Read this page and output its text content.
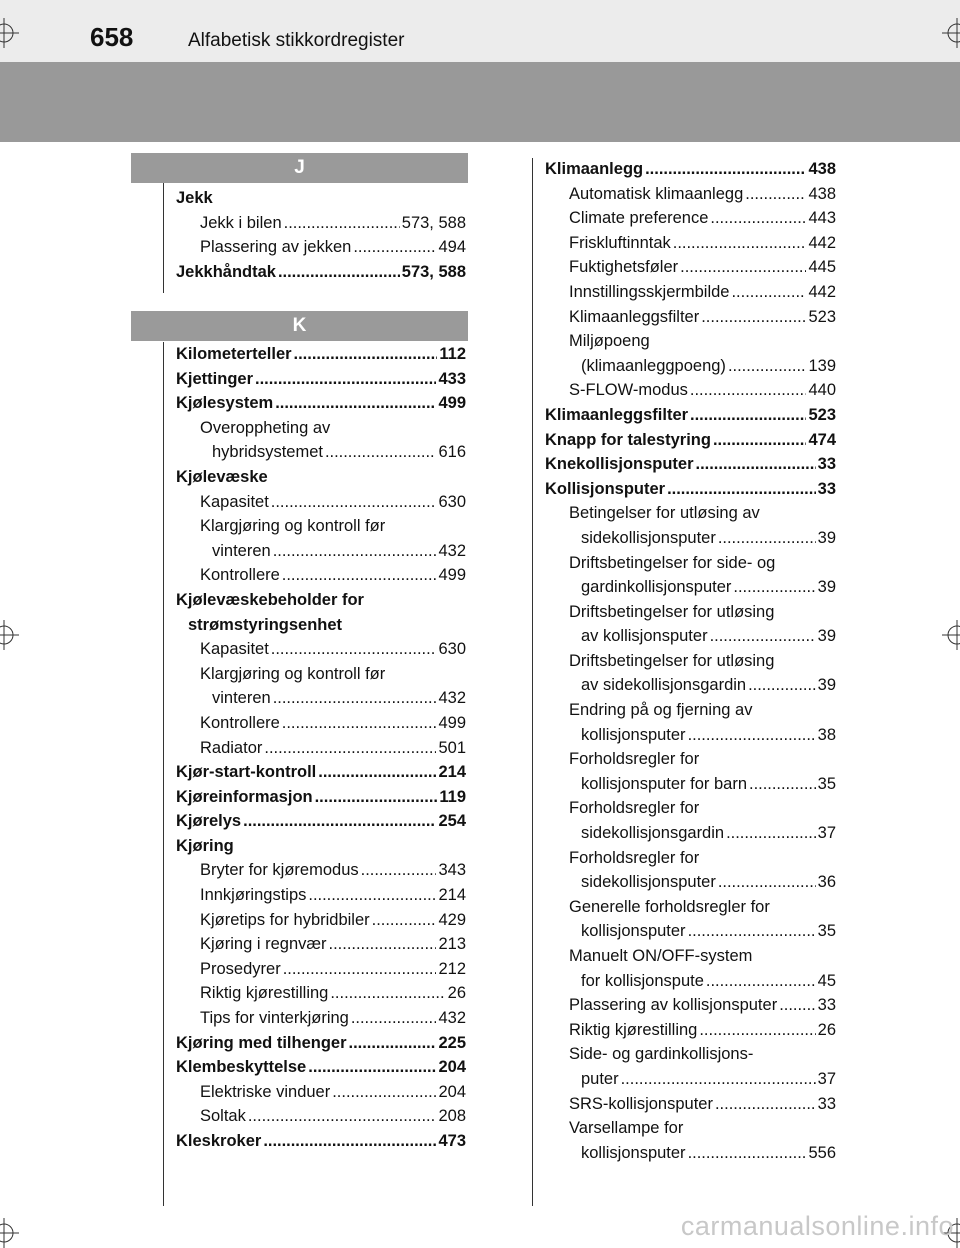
658	Alfabetisk stikkordregister
J
K
Jekk
Jekk i bilen . . .	573, 588
Plassering av jekken . . .	494
Jekkhåndtak . . .	573, 588
Kilometerteller . . .	112
Kjettinger . . .	433
Kjølesystem . . .	499
Overoppheting av
hybridsystemet . . .	616
Kjølevæske
Kapasitet . . .	630
Klargjøring og kontroll før
vinteren . . .	432
Kontrollere . . .	499
Kjølevæskebeholder for
strømstyringsenhet
Kapasitet . . .	630
Klargjøring og kontroll før
vinteren . . .	432
Kontrollere . . .	499
Radiator . . .	501
Kjør-start-kontroll . . .	214
Kjøreinformasjon . . .	119
Kjørelys . . .	254
Kjøring
Bryter for kjøremodus . . .	343
Innkjøringstips . . .	214
Kjøretips for hybridbiler . . .	429
Kjøring i regnvær . . .	213
Prosedyrer . . .	212
Riktig kjørestilling . . .	26
Tips for vinterkjøring . . .	432
Kjøring med tilhenger . . .	225
Klembeskyttelse . . .	204
Elektriske vinduer . . .	204
Soltak . . .	208
Kleskroker . . .	473
Klimaanlegg . . .	438
Automatisk klimaanlegg . . .	438
Climate preference . . .	443
Friskluftinntak . . .	442
Fuktighetsføler . . .	445
Innstillingsskjermbilde . . .	442
Klimaanleggsfilter . . .	523
Miljøpoeng
(klimaanleggpoeng) . . .	139
S-FLOW-modus . . .	440
Klimaanleggsfilter . . .	523
Knapp for talestyring . . .	474
Knekollisjonsputer . . .	33
Kollisjonsputer . . .	33
Betingelser for utløsing av
sidekollisjonsputer . . .	39
Driftsbetingelser for side- og
gardinkollisjonsputer . . .	39
Driftsbetingelser for utløsing
av kollisjonsputer . . .	39
Driftsbetingelser for utløsing
av sidekollisjonsgardin . . .	39
Endring på og fjerning av
kollisjonsputer . . .	38
Forholdsregler for
kollisjonsputer for barn . . .	35
Forholdsregler for
sidekollisjonsgardin . . .	37
Forholdsregler for
sidekollisjonsputer . . .	36
Generelle forholdsregler for
kollisjonsputer . . .	35
Manuelt ON/OFF-system
for kollisjonspute . . .	45
Plassering av kollisjonsputer . . . 33
Riktig kjørestilling . . .	26
Side- og gardinkollisjons-
puter . . .	37
SRS-kollisjonsputer . . .	33
Varsellampe for
kollisjonsputer . . .	556
carmanualsonline.info
